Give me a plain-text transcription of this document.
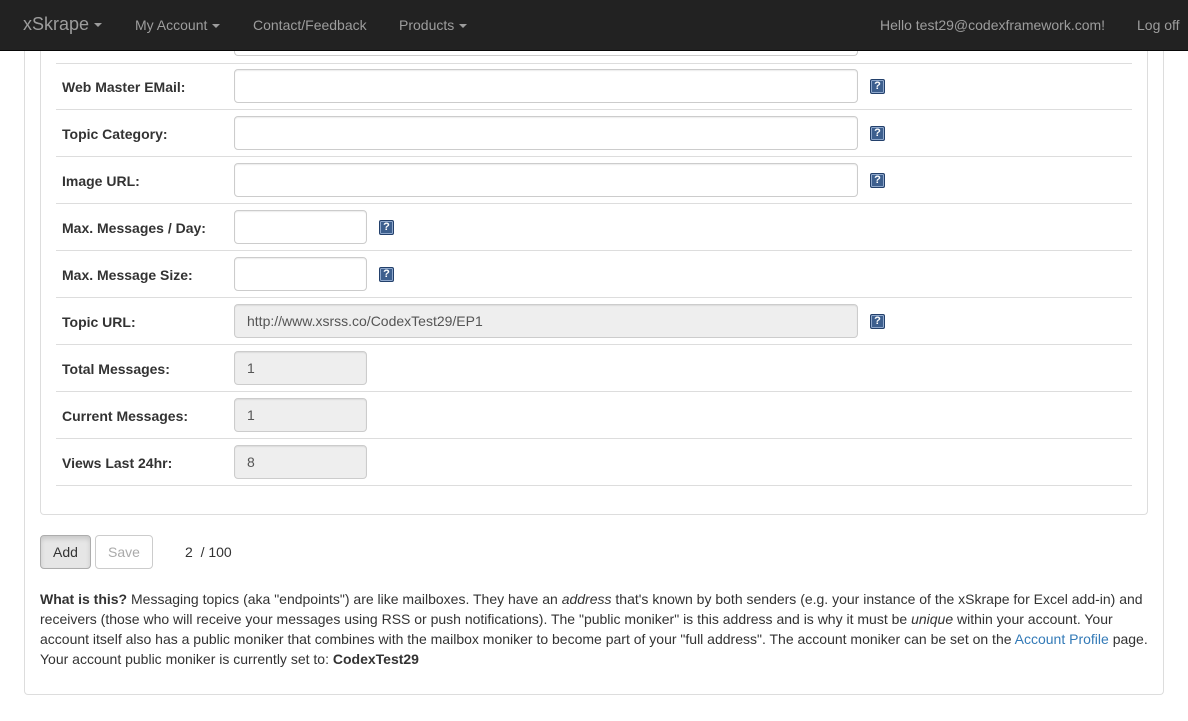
Web Master EMail:	?
Topic Category:	?
Image URL:	?
Max. Messages / Day:	?
Max. Message Size:	?
Topic URL:
http://www.xsrss.co/CodexTest29/EP1	?
Total Messages:
1
Current Messages:
1
Views Last 24hr:
8
Add	Save	2 / 100
What is this? Messaging topics (aka "endpoints") are like mailboxes. They have an address that's known by both senders (e.g. your instance of the xSkrape for Excel add-in) and receivers (those who will receive your messages using RSS or push notifications). The "public moniker" is this address and is why it must be unique within your account. Your account itself also has a public moniker that combines with the mailbox moniker to become part of your "full address". The account moniker can be set on the Account Profile page. Your account public moniker is currently set to: CodexTest29
xSkrape	My Account	Contact/Feedback Products	Hello test29@codexframework.com! Log off
